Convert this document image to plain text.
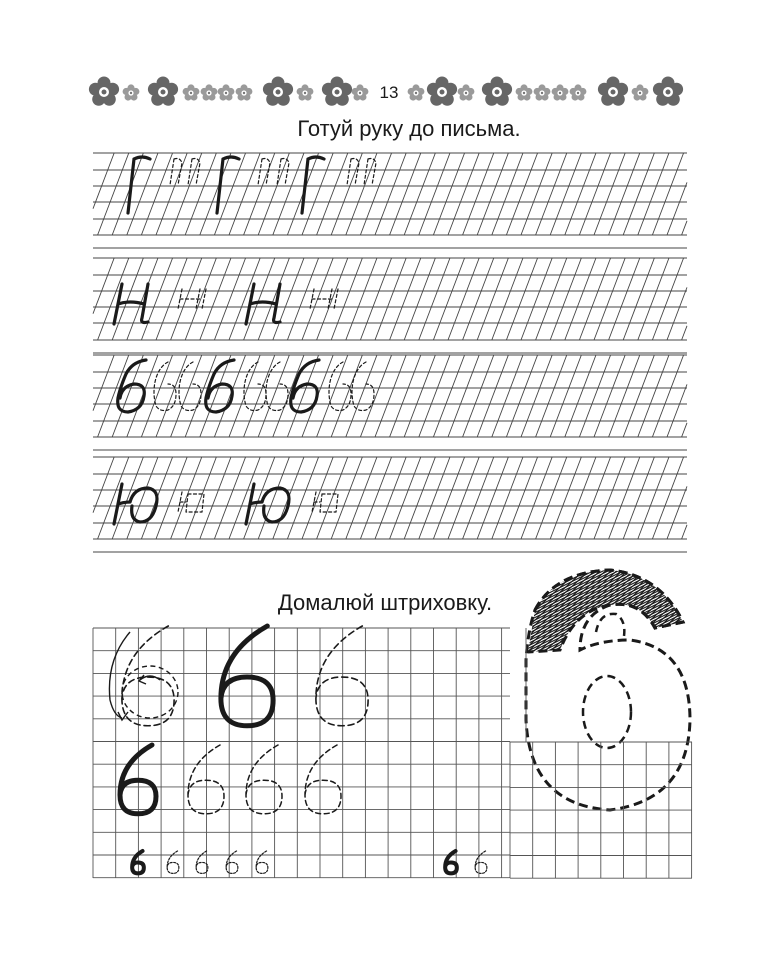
13
Готуй руку до письма.
Домалюй штриховку.
